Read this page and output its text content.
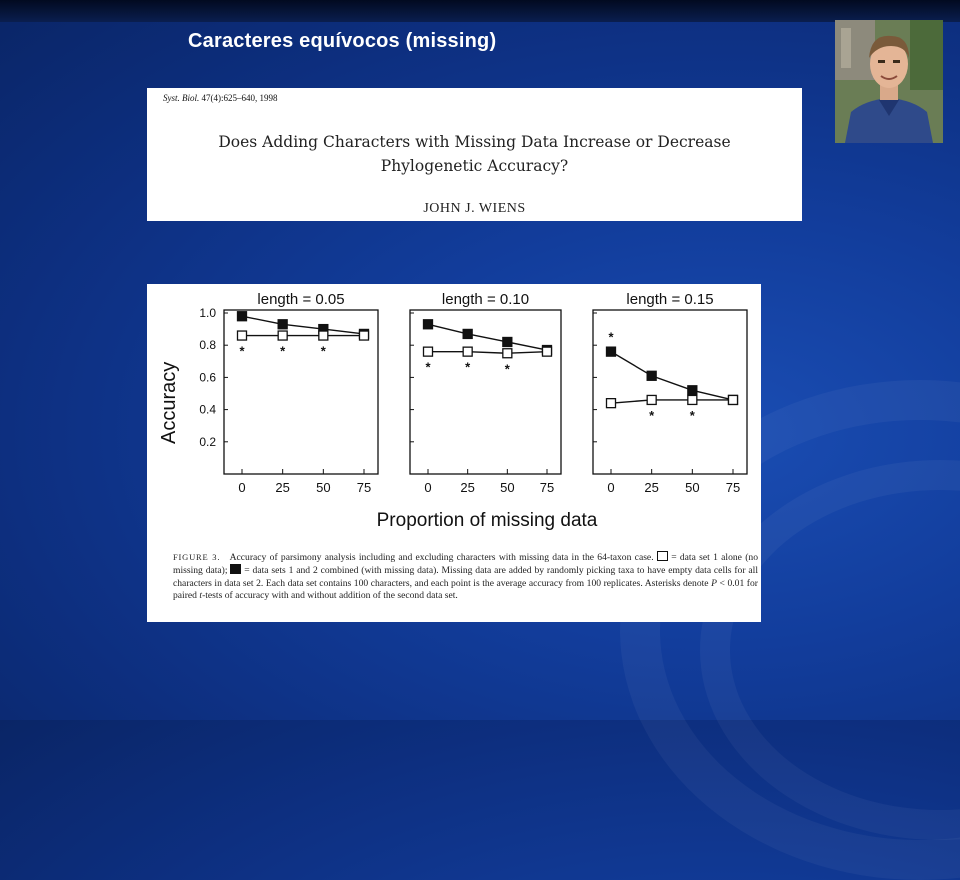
Caracteres equívocos (missing)
Syst. Biol. 47(4):625–640, 1998
Does Adding Characters with Missing Data Increase or Decrease
Phylogenetic Accuracy?
JOHN J. WIENS
length = 0.05
0 25 50 75
0.2
0.4
0.6
0.8
1.0
*	*	*
length = 0.10
0 25 50 75
*	*	*
length = 0.15
0 25 50 75
*
*	*
Accuracy
Proportion of missing data
FIGURE 3. Accuracy of parsimony analysis including and excluding characters with missing data in the 64-taxon case. = data set 1 alone (no missing data); = data sets 1 and 2 combined (with missing data). Missing data are added by randomly picking taxa to have empty data cells for all characters in data set 2. Each data set contains 100 characters, and each point is the average accuracy from 100 replicates. Asterisks denote P < 0.01 for paired t-tests of accuracy with and without addition of the second data set.
